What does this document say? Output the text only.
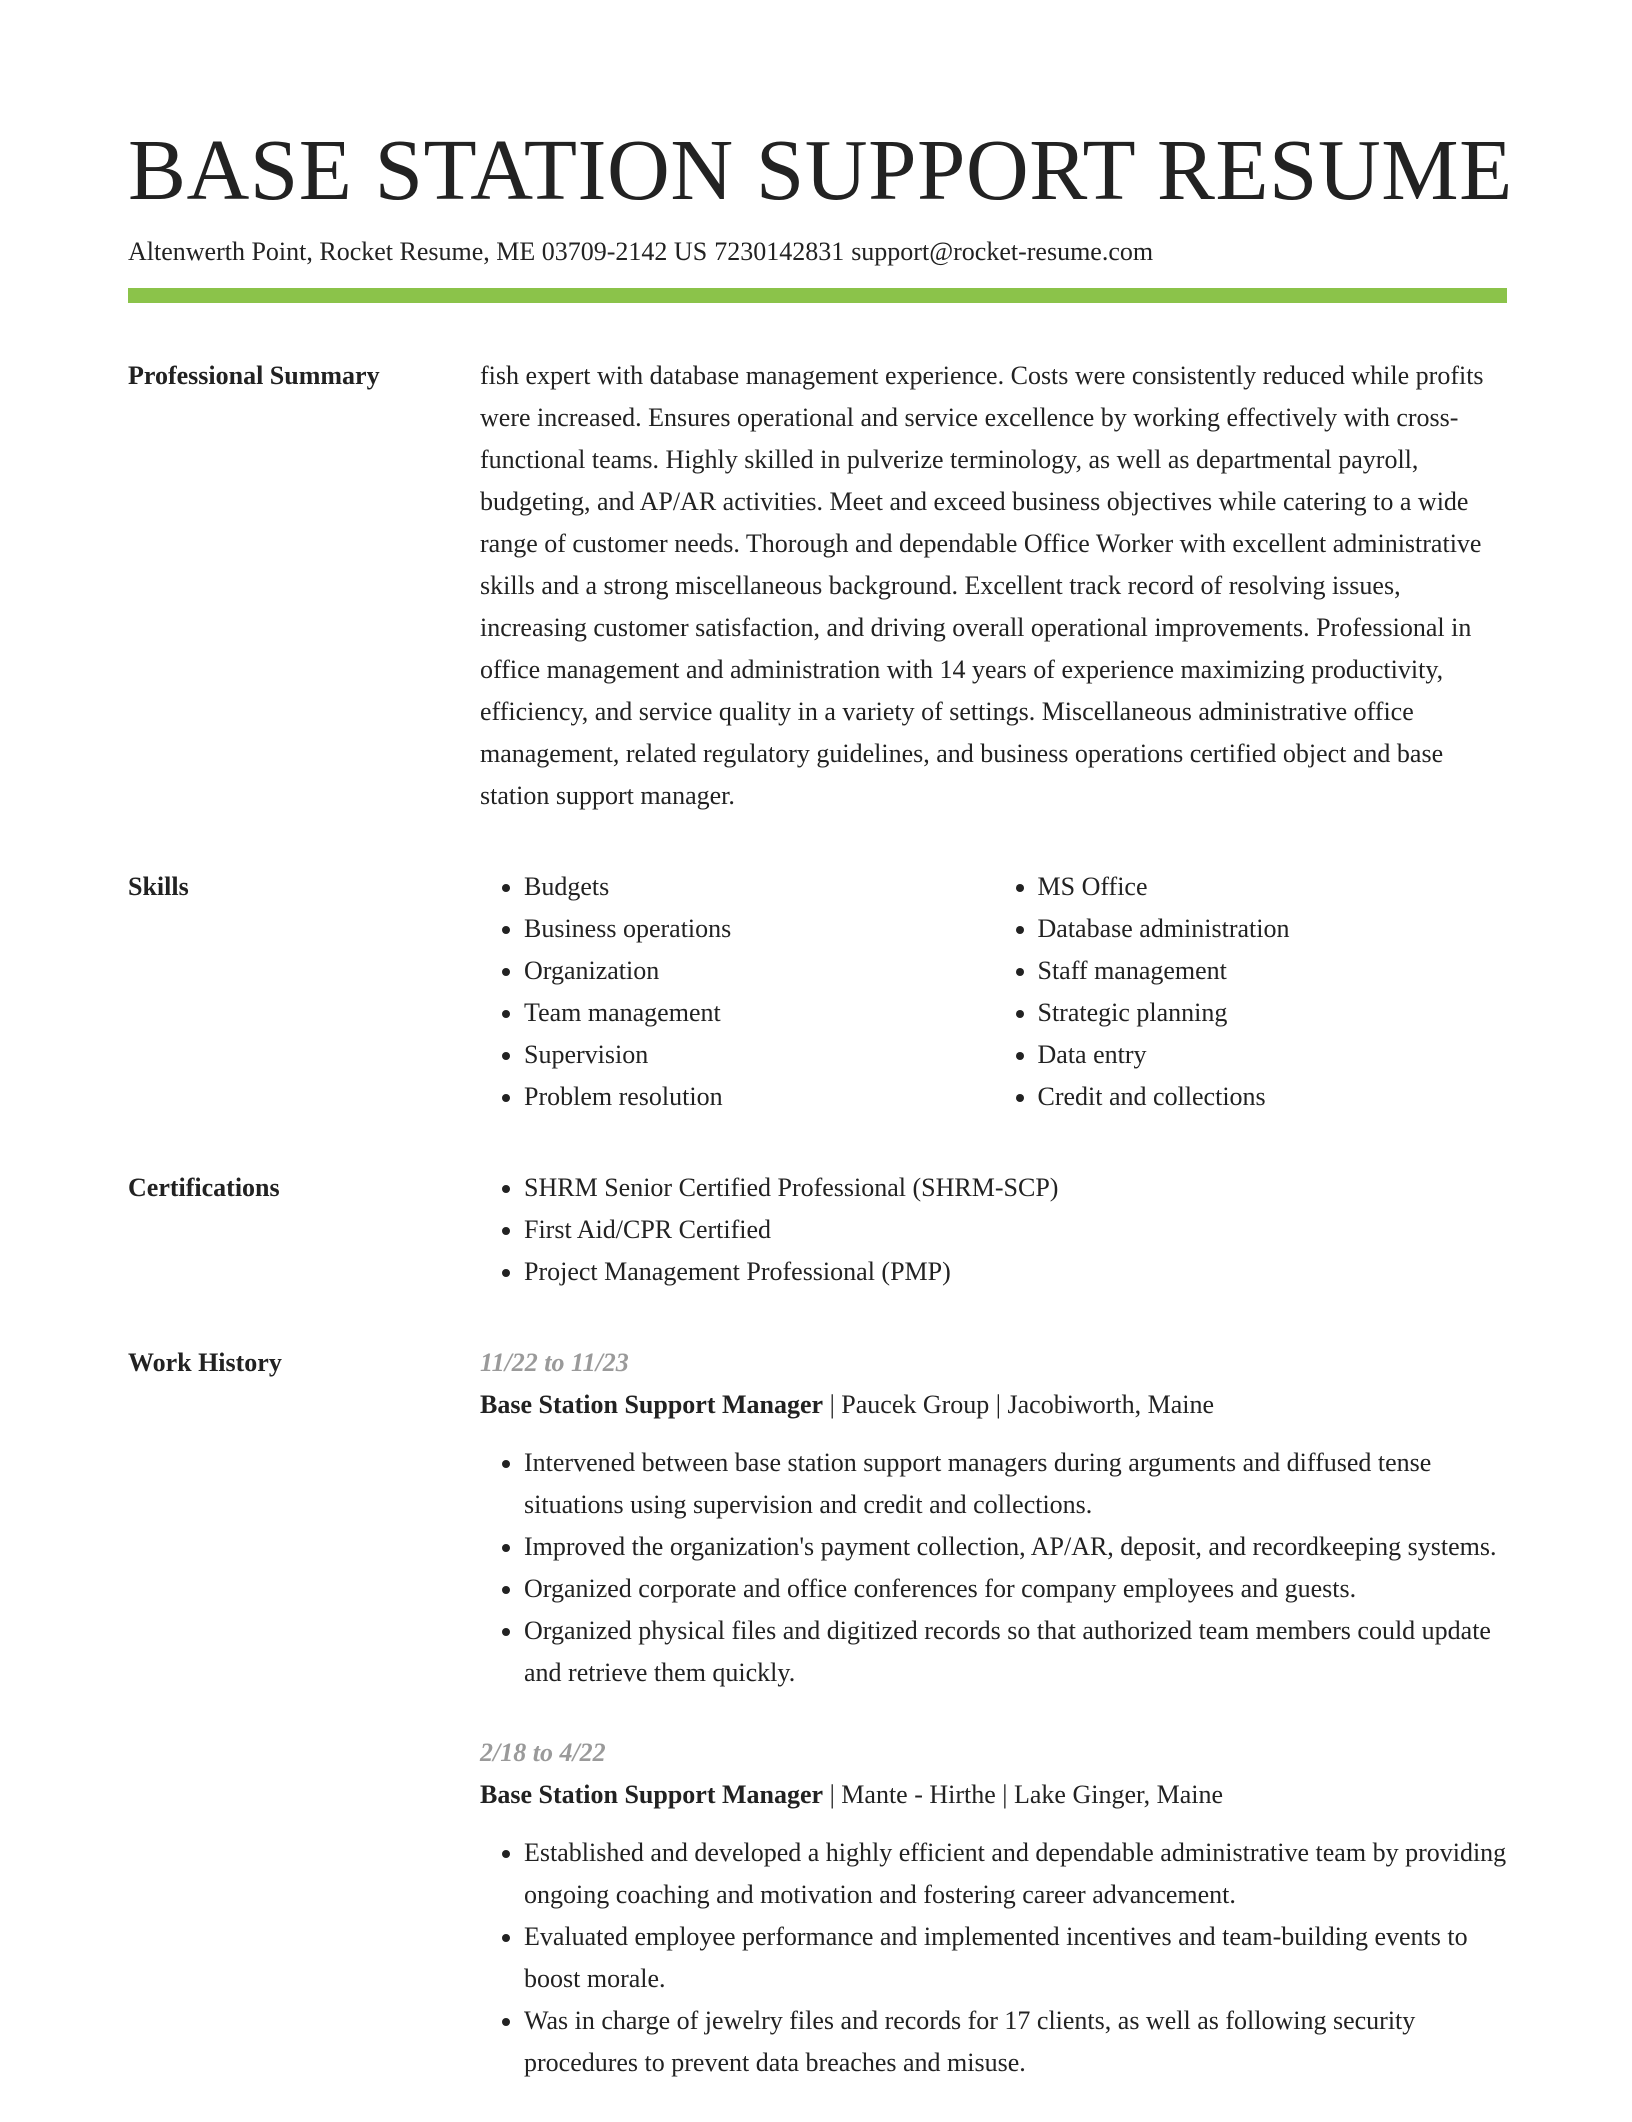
BASE STATION SUPPORT RESUME
Altenwerth Point, Rocket Resume, ME 03709-2142 US 7230142831 support@rocket-resume.com
Professional Summary	fish expert with database management experience. Costs were consistently reduced while profits were increased. Ensures operational and service excellence by working effectively with cross-functional teams. Highly skilled in pulverize terminology, as well as departmental payroll, budgeting, and AP/AR activities. Meet and exceed business objectives while catering to a wide range of customer needs. Thorough and dependable Office Worker with excellent administrative skills and a strong miscellaneous background. Excellent track record of resolving issues, increasing customer satisfaction, and driving overall operational improvements. Professional in office management and administration with 14 years of experience maximizing productivity, efficiency, and service quality in a variety of settings. Miscellaneous administrative office management, related regulatory guidelines, and business operations certified object and base station support manager.

Skills	• Budgets
• Business operations
• Organization
• Team management
• Supervision
• Problem resolution
• MS Office
• Database administration
• Staff management
• Strategic planning
• Data entry
• Credit and collections
Certifications	• SHRM Senior Certified Professional (SHRM-SCP)
• First Aid/CPR Certified
• Project Management Professional (PMP)
Work History	11/22 to 11/23
Base Station Support Manager | Paucek Group | Jacobiworth, Maine
• Intervened between base station support managers during arguments and diffused tense situations using supervision and credit and collections.
• Improved the organization's payment collection, AP/AR, deposit, and recordkeeping systems.
• Organized corporate and office conferences for company employees and guests.
• Organized physical files and digitized records so that authorized team members could update and retrieve them quickly.
2/18 to 4/22
Base Station Support Manager | Mante - Hirthe | Lake Ginger, Maine
• Established and developed a highly efficient and dependable administrative team by providing ongoing coaching and motivation and fostering career advancement.
• Evaluated employee performance and implemented incentives and team-building events to boost morale.
• Was in charge of jewelry files and records for 17 clients, as well as following security procedures to prevent data breaches and misuse.
